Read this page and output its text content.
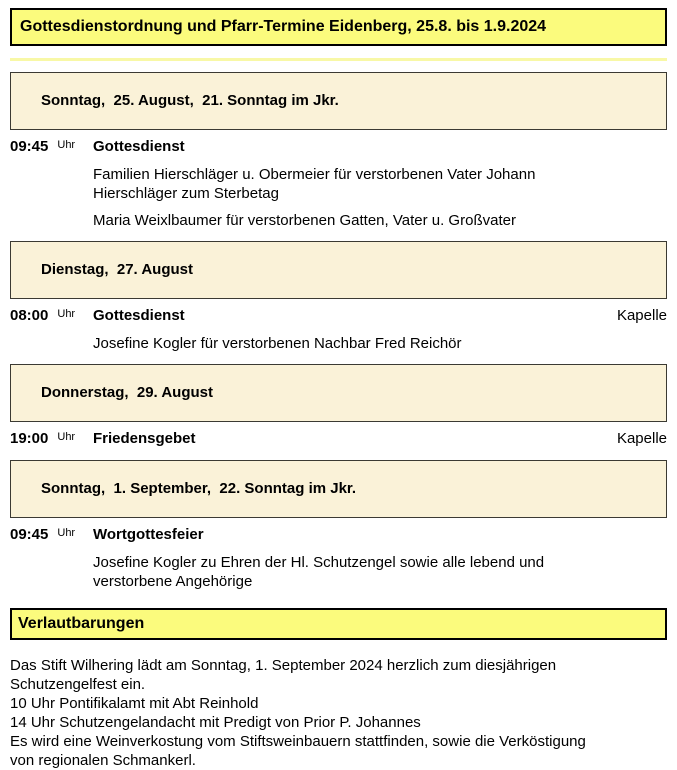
Gottesdienstordnung und Pfarr-Termine Eidenberg, 25.8. bis 1.9.2024

Sonntag,  25. August,  21. Sonntag im Jkr.

09:45 $^{Uhr}$	Gottesdienst
Familien Hierschläger u. Obermeier für verstorbenen Vater Johann Hierschläger zum Sterbetag
Maria Weixlbaumer für verstorbenen Gatten, Vater u. Großvater

Dienstag,  27. August

08:00 $^{Uhr}$	Gottesdienst	Kapelle
Josefine Kogler für verstorbenen Nachbar Fred Reichör

Donnerstag,  29. August

19:00 $^{Uhr}$	Friedensgebet	Kapelle

Sonntag,  1. September,  22. Sonntag im Jkr.

09:45 $^{Uhr}$	Wortgottesfeier
Josefine Kogler zu Ehren der Hl. Schutzengel sowie alle lebend und verstorbene Angehörige
Verlautbarungen
Das Stift Wilhering lädt am Sonntag, 1. September 2024 herzlich zum diesjährigen Schutzengelfest ein.
10 Uhr Pontifikalamt mit Abt Reinhold
14 Uhr Schutzengelandacht mit Predigt von Prior P. Johannes
Es wird eine Weinverkostung vom Stiftsweinbauern stattfinden, sowie die Verköstigung von regionalen Schmankerl.
